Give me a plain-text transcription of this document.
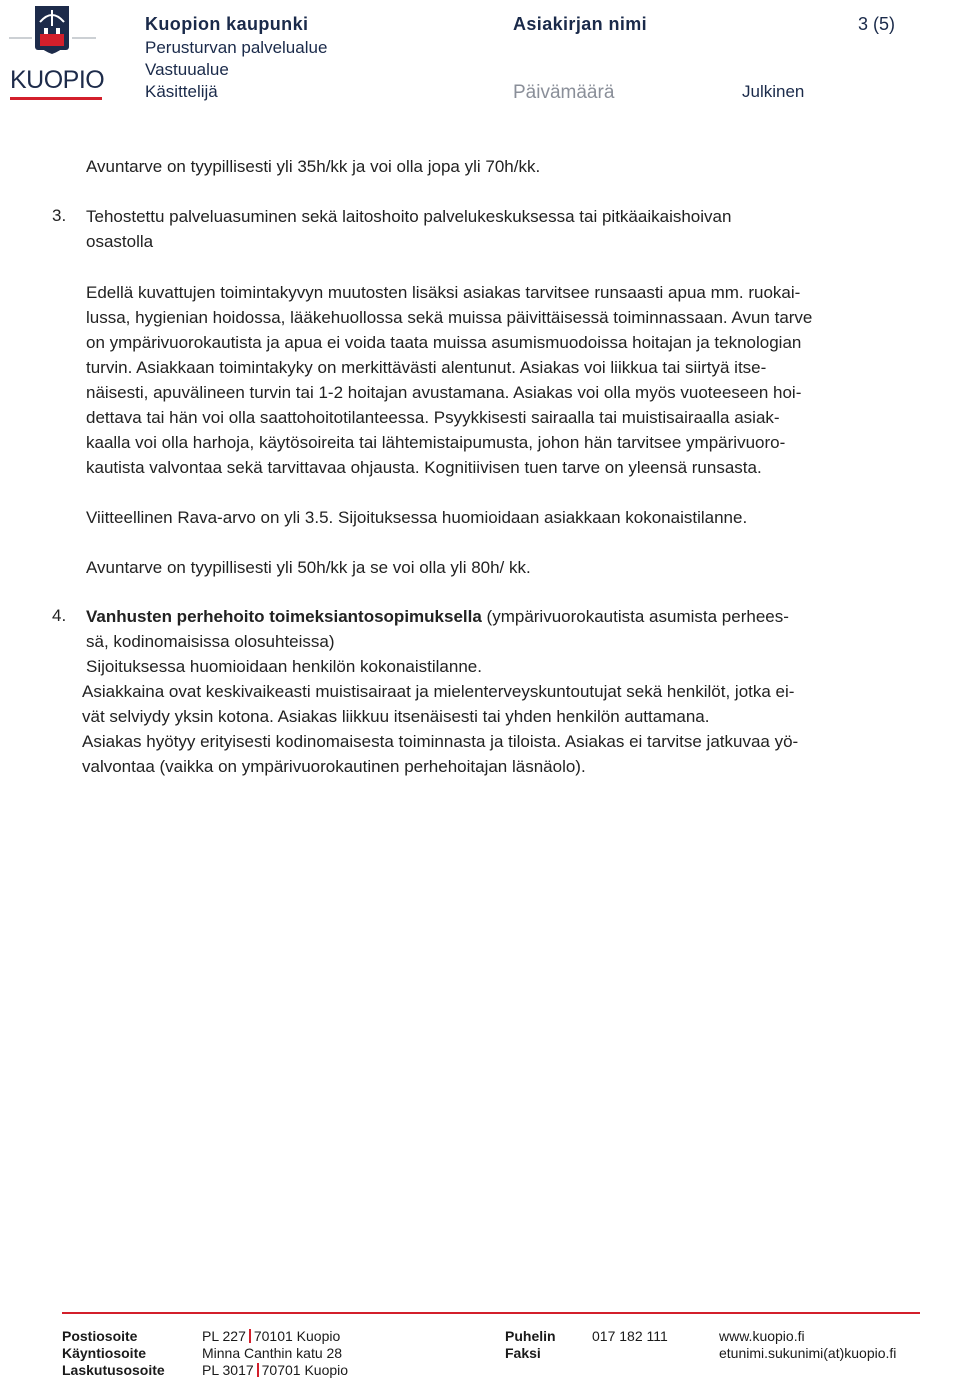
KUOPIO
Kuopion kaupunki
Perusturvan palvelualue
Vastuualue
Käsittelijä
Asiakirjan nimi
Päivämäärä	Julkinen
3 (5)
Avuntarve on tyypillisesti yli 35h/kk ja voi olla jopa yli 70h/kk.
3. Tehostettu palveluasuminen sekä laitoshoito palvelukeskuksessa tai pitkäaikaishoivan
osastolla
Edellä kuvattujen toimintakyvyn muutosten lisäksi asiakas tarvitsee runsaasti apua mm. ruokai-
lussa, hygienian hoidossa, lääkehuollossa sekä muissa päivittäisessä toiminnassaan. Avun tarve
on ympärivuorokautista ja apua ei voida taata muissa asumismuodoissa hoitajan ja teknologian
turvin. Asiakkaan toimintakyky on merkittävästi alentunut. Asiakas voi liikkua tai siirtyä itse-
näisesti, apuvälineen turvin tai 1-2 hoitajan avustamana. Asiakas voi olla myös vuoteeseen hoi-
dettava tai hän voi olla saattohoitotilanteessa. Psyykkisesti sairaalla tai muistisairaalla asiak-
kaalla voi olla harhoja, käytösoireita tai lähtemistaipumusta, johon hän tarvitsee ympärivuoro-
kautista valvontaa sekä tarvittavaa ohjausta. Kognitiivisen tuen tarve on yleensä runsasta.
Viitteellinen Rava-arvo on yli 3.5. Sijoituksessa huomioidaan asiakkaan kokonaistilanne.
Avuntarve on tyypillisesti yli 50h/kk ja se voi olla yli 80h/ kk.
4. Vanhusten perhehoito toimeksiantosopimuksella (ympärivuorokautista asumista perhees-
sä, kodinomaisissa olosuhteissa)
Sijoituksessa huomioidaan henkilön kokonaistilanne.
Asiakkaina ovat keskivaikeasti muistisairaat ja mielenterveyskuntoutujat sekä henkilöt, jotka ei-
vät selviydy yksin kotona. Asiakas liikkuu itsenäisesti tai yhden henkilön auttamana.
Asiakas hyötyy erityisesti kodinomaisesta toiminnasta ja tiloista. Asiakas ei tarvitse jatkuvaa yö-
valvontaa (vaikka on ympärivuorokautinen perhehoitajan läsnäolo).
Postiosoite
Käyntiosoite
Laskutusosoite
PL 227 70101 Kuopio
Minna Canthin katu 28
PL 3017 70701 Kuopio
Puhelin
Faksi
017 182 111	www.kuopio.fi
etunimi.sukunimi(at)kuopio.fi
